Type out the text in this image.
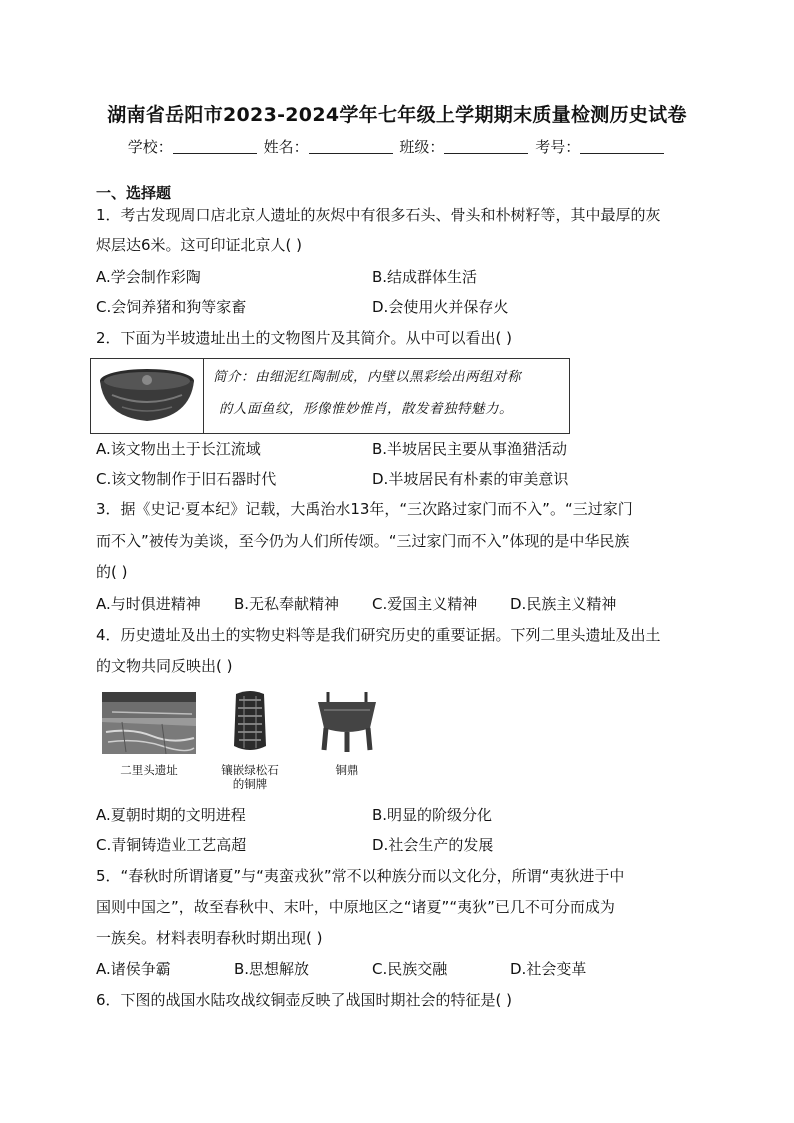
湖南省岳阳市2023-2024学年七年级上学期期末质量检测历史试卷
学校：	姓名：	班级：	考号：
一、选择题
1．考古发现周口店北京人遗址的灰烬中有很多石头、骨头和朴树籽等，其中最厚的灰
烬层达6米。这可印证北京人( )
A.学会制作彩陶	B.结成群体生活
C.会饲养猪和狗等家畜	D.会使用火并保存火
2．下面为半坡遗址出土的文物图片及其简介。从中可以看出( )
简介：由细泥红陶制成，内壁以黑彩绘出两组对称
的人面鱼纹，形像惟妙惟肖，散发着独特魅力。
A.该文物出土于长江流域	B.半坡居民主要从事渔猎活动
C.该文物制作于旧石器时代	D.半坡居民有朴素的审美意识
3．据《史记·夏本纪》记载，大禹治水13年，“三次路过家门而不入”。“三过家门
而不入”被传为美谈，至今仍为人们所传颂。“三过家门而不入”体现的是中华民族
的( )
A.与时俱进精神 B.无私奉献精神 C.爱国主义精神 D.民族主义精神
4．历史遗址及出土的实物史料等是我们研究历史的重要证据。下列二里头遗址及出土
的文物共同反映出( )
二里头遗址	镶嵌绿松石
的铜牌
铜鼎
A.夏朝时期的文明进程	B.明显的阶级分化
C.青铜铸造业工艺高超	D.社会生产的发展
5．“春秋时所谓诸夏”与“夷蛮戎狄”常不以种族分而以文化分，所谓“夷狄进于中
国则中国之”，故至春秋中、末叶，中原地区之“诸夏”“夷狄”已几不可分而成为
一族矣。材料表明春秋时期出现( )
A.诸侯争霸	B.思想解放	C.民族交融	D.社会变革
6．下图的战国水陆攻战纹铜壶反映了战国时期社会的特征是( )
